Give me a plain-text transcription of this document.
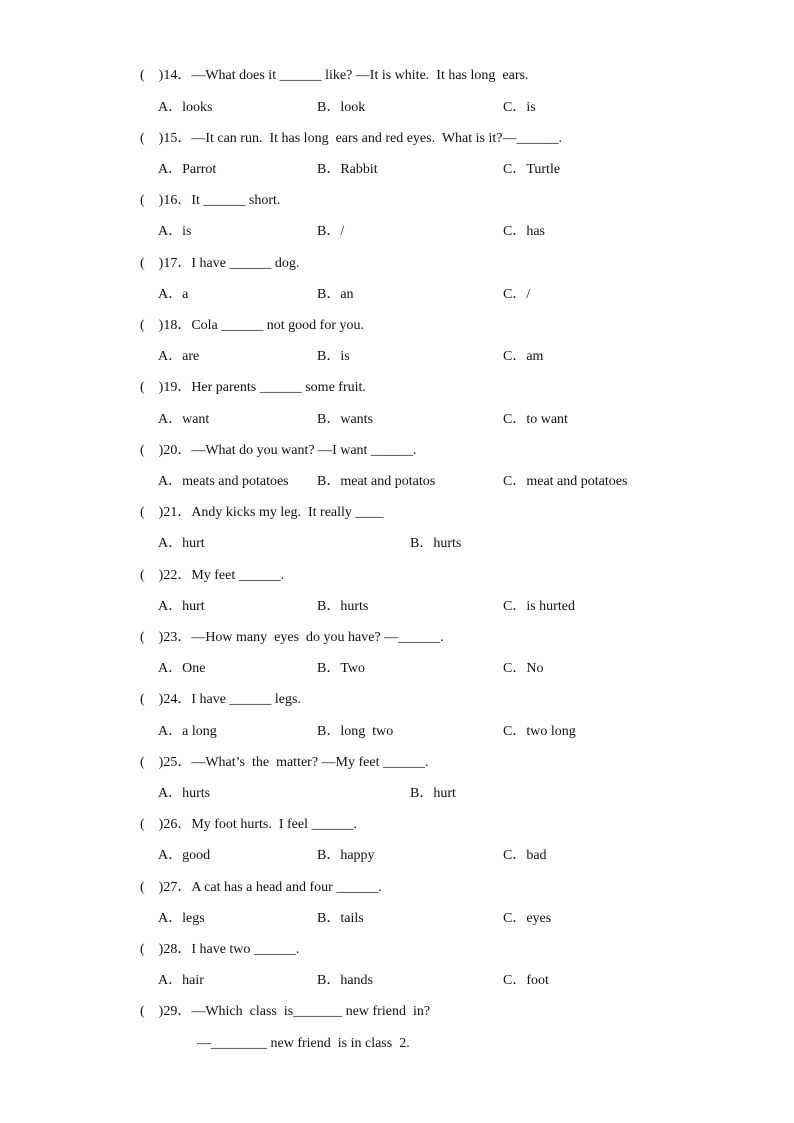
(    )14．—What does it ______ like? —It is white.  It has long  ears.

A．looks

	B．look

	C．is

(    )15．—It can run.  It has long  ears and red eyes.  What is it?—______.

A．Parrot

	B．Rabbit

	C．Turtle

(    )16．It ______ short.

A．is

	B．/

	C．has

(    )17．I have ______ dog.

A．a

	B．an

	C．/

(    )18．Cola ______ not good for you.

A．are

	B．is

	C．am

(    )19．Her parents ______ some fruit.

A．want

	B．wants

	C．to want

(    )20．—What do you want? —I want ______.

A．meats and potatoes

B．meat and potatos

	C．meat and potatoes

(    )21．Andy kicks my leg.  It really ____

A．hurt

	B．hurts

(    )22．My feet ______.

A．hurt

	B．hurts

	C．is hurted

(    )23．—How many  eyes  do you have? —______.

A．One

	B．Two

	C．No

(    )24．I have ______ legs.

A．a long

	B．long  two

	C．two long

(    )25．—What’s  the  matter? —My feet ______.

A．hurts

	B．hurt

(    )26．My foot hurts.  I feel ______.

A．good

	B．happy

	C．bad

(    )27．A cat has a head and four ______.

A．legs

	B．tails

	C．eyes

(    )28．I have two ______.

A．hair

	B．hands

	C．foot

(    )29．—Which  class  is_______ new friend  in?
—________ new friend  is in class  2.
